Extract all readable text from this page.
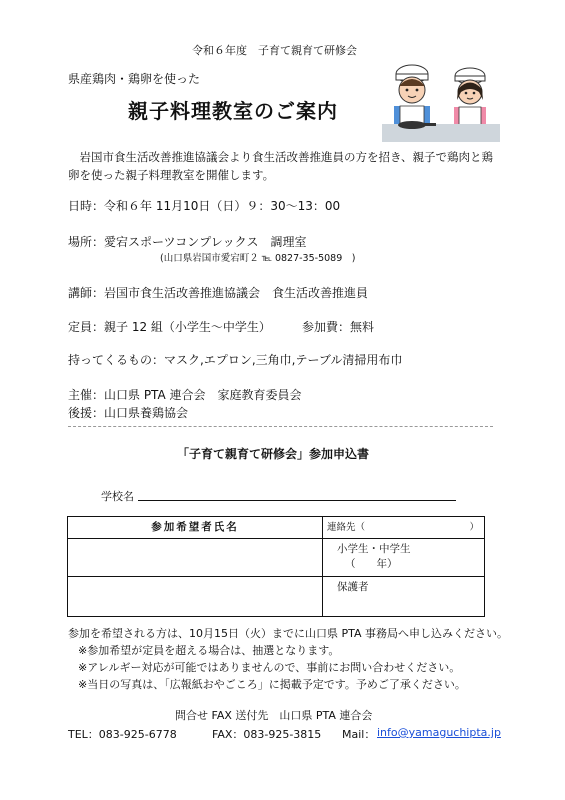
令和６年度　子育て親育て研修会
県産鶏肉・鶏卵を使った
親子料理教室のご案内
岩国市食生活改善推進協議会より食生活改善推進員の方を招き、親子で鶏肉と鶏卵を使った親子料理教室を開催します。
日時：令和６年 11月10日（日）９：30〜13：00
場所：愛宕スポーツコンプレックス　調理室
(山口県岩国市愛宕町２ ℡ 0827-35-5089　)
講師：岩国市食生活改善推進協議会　食生活改善推進員
定員：親子 12 組（小学生〜中学生）	参加費：無料
持ってくるもの：マスク,エプロン,三角巾,テーブル清掃用布巾
主催：山口県 PTA 連合会　家庭教育委員会
後援：山口県養鶏協会
「子育て親育て研修会」参加申込書
学校名
参加希望者氏名	連絡先（　　　　　　　　　　　）

	小学生・中学生
（　　年）

	保護者
参加を希望される方は、10月15日（火）までに山口県 PTA 事務局へ申し込みください。
※参加希望が定員を超える場合は、抽選となります。
※アレルギー対応が可能ではありませんので、事前にお問い合わせください。
※当日の写真は、「広報紙おやごころ」に掲載予定です。予めご了承ください。
問合せ FAX 送付先　山口県 PTA 連合会
TEL：083-925-6778	FAX：083-925-3815 Mail： info@yamaguchipta.jp
